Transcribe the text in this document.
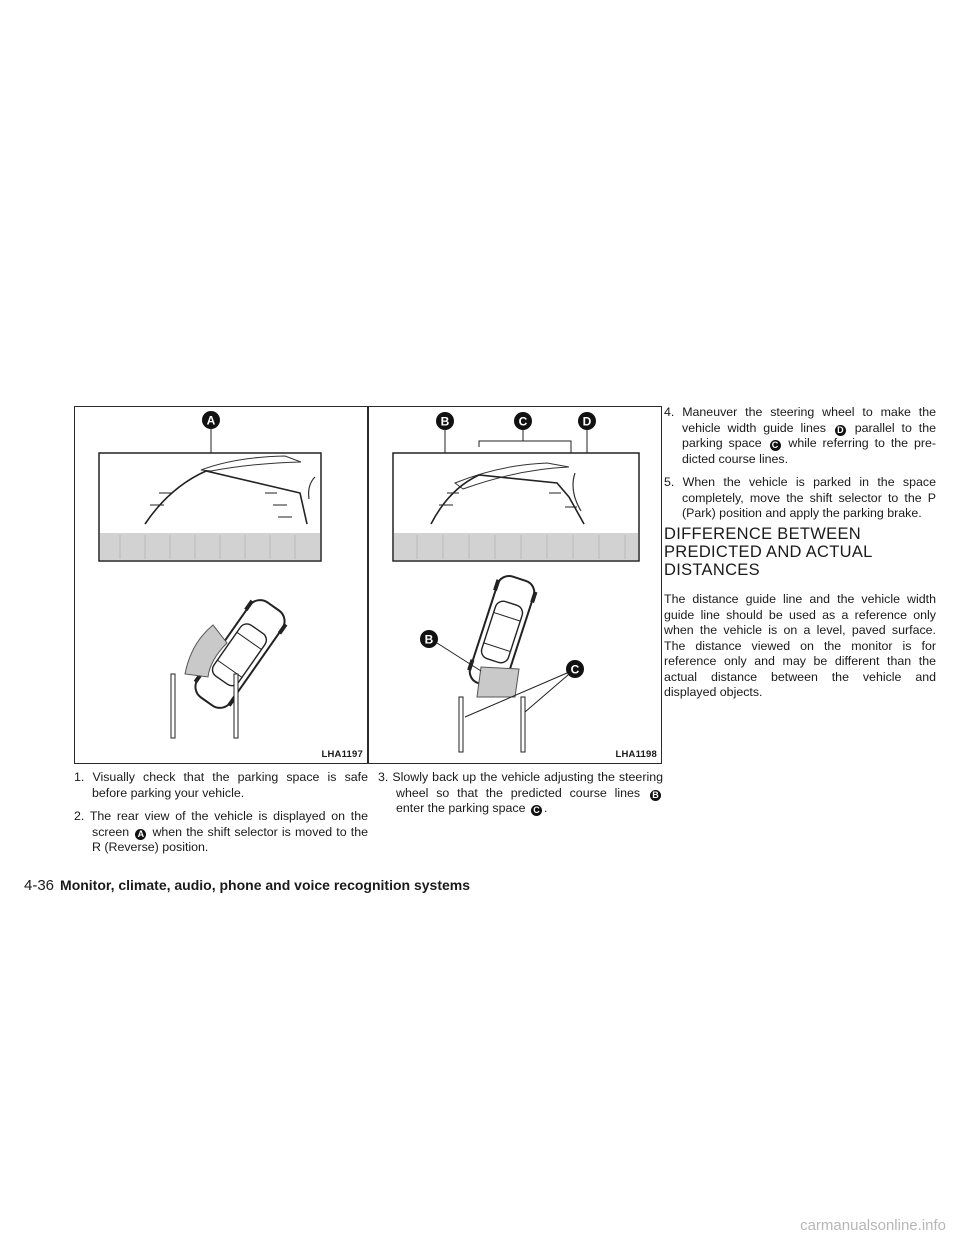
A
LHA1197
B	C	D
B
C
LHA1198
1. Visually check that the parking space is safe before parking your vehicle.
2. The rear view of the vehicle is displayed on the screen A when the shift selector is moved to the R (Reverse) position.
3. Slowly back up the vehicle adjusting the steering wheel so that the predicted course lines B enter the parking space C .
4. Maneuver the steering wheel to make the vehicle width guide lines D parallel to the parking space C while referring to the pre-dicted course lines.
5. When the vehicle is parked in the space completely, move the shift selector to the P (Park) position and apply the parking brake.
DIFFERENCE BETWEEN PREDICTED AND ACTUAL DISTANCES

The distance guide line and the vehicle width guide line should be used as a reference only when the vehicle is on a level, paved surface. The distance viewed on the monitor is for reference only and may be different than the actual distance between the vehicle and displayed objects.

4-36 Monitor, climate, audio, phone and voice recognition systems
carmanualsonline.info
